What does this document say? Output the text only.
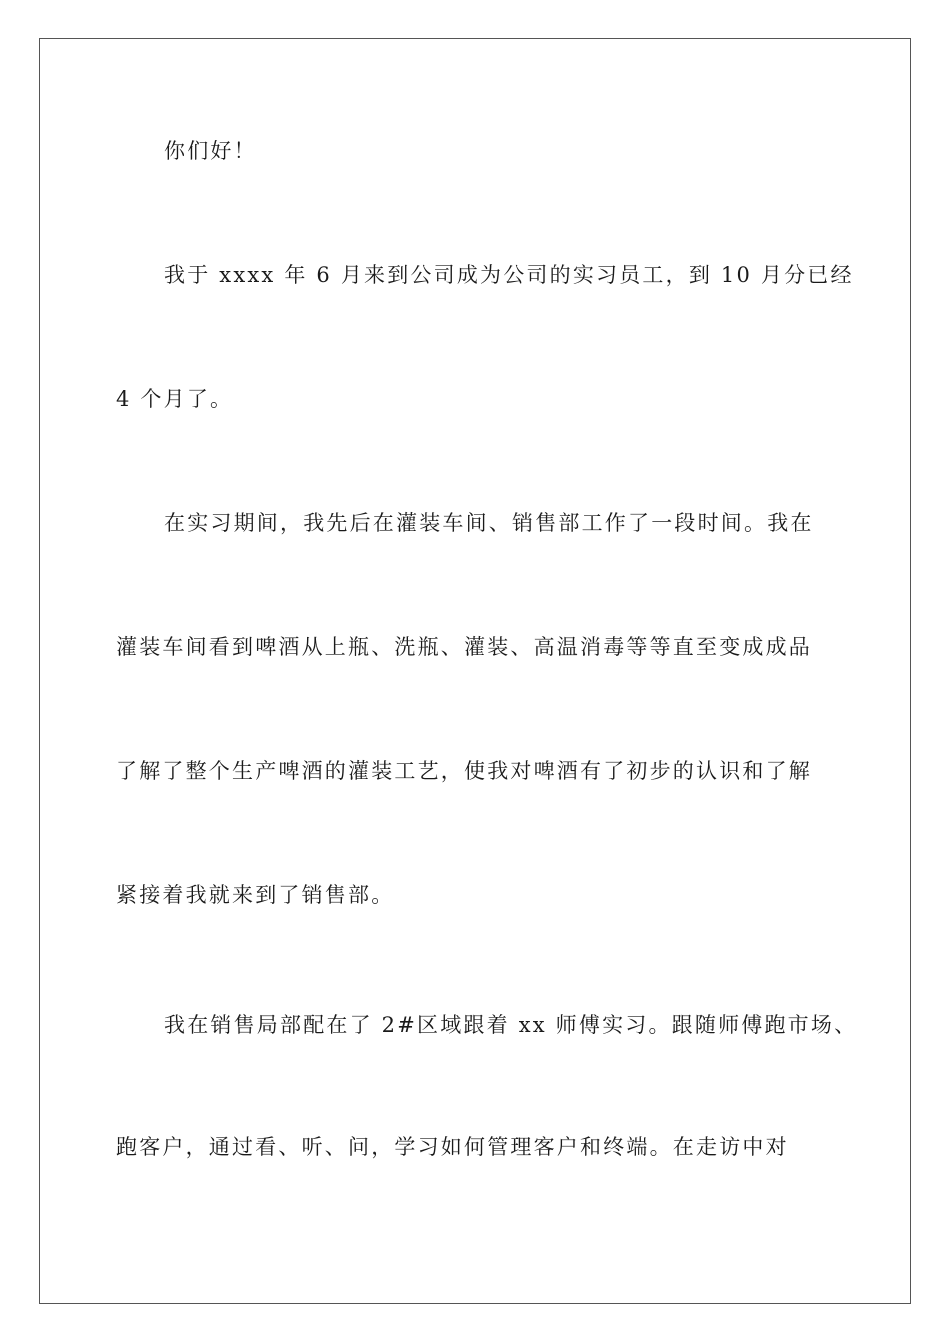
你们好！
我于 xxxx 年 6 月来到公司成为公司的实习员工，到 10 月分已经
4 个月了。
在实习期间，我先后在灌装车间、销售部工作了一段时间。我在
灌装车间看到啤酒从上瓶、洗瓶、灌装、高温消毒等等直至变成成品
了解了整个生产啤酒的灌装工艺，使我对啤酒有了初步的认识和了解
紧接着我就来到了销售部。
我在销售局部配在了 2#区域跟着 xx 师傅实习。跟随师傅跑市场、
跑客户，通过看、听、问，学习如何管理客户和终端。在走访中对
